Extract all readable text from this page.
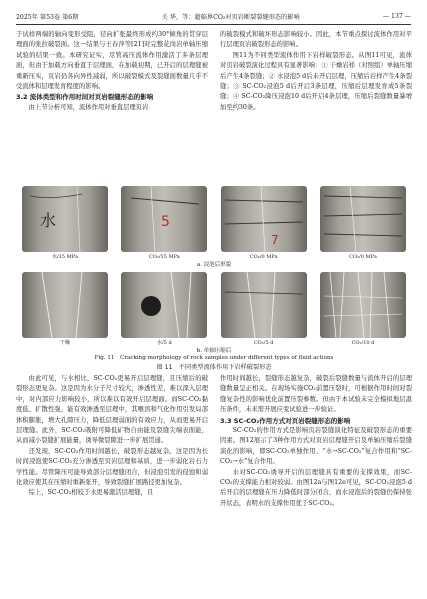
2025年 第53卷 第6期	关 华，等：超临界CO₂对页岩断裂裂缝形态的影响	— 137 —

于试样两端的轴向变形受阻，径向扩张最终形成约30°倾角的贯穿层理面的张拉破裂面。这一结果与王春萍等[21]对完整花岗岩单轴压缩试验的结果一致。本研究证实，尽管高压流体作用激活了多条层理面，但由于加载方向垂直于层理面，在加载初期，已开启的层理缝被重新压实，页岩仍各向异性减弱，所以破裂模式及裂缝面数量几乎不受流体和层理发育程度的影响。

3.2 流体类型和作用时间对页岩裂缝形态的影响

由上节分析可知，流体作用对垂直层理页岩

的破裂模式和破坏形态影响较小。因此，本节重点探讨流体作用对平行层理页岩破裂形态的影响。

图11为不同类型流体作用下岩样破裂形态。从图11可见，流体对页岩破裂演化过程具有显著影响：① 干燥岩样（对照组）单轴压缩后产生4条裂缝；② 水浸泡5 d后未开启层理，压缩后岩样产生4条裂缝；③ SC-CO₂浸泡5 d后开启3条层理，压缩后层理发育成5条裂缝；④ SC-CO₂降压浸泡10 d后开启4条层理，压缩后裂缝数量暴增加至约30条。

水
水/15 MPa
5
CO₂/15 MPa
7
CO₂/0 MPa	CO₂/0 MPa
a. 浸泡后形貌
干燥	水/5 d	CO₂/5 d	CO₂/10 d
b. 单轴压缩后
Fig. 11　Cracking morphology of rock samples under different types of fluid actions
图 11　不同类型流体作用下岩样破裂形态

由此可见，与水相比，SC-CO₂更易开启层理缝，且压缩后的破裂形态更复杂。这是因为水分子尺寸较大，渗透性差，难以深入层理中，对内部应力影响较小，所以难以有效开启层理面。而SC-CO₂黏度低、扩散性强，能有效渗透至层理中，其喉溶和气化作用引发局部体积膨胀，增大孔隙压力，降低层理弱面的有效应力，从而更易开启层理缝。此外，SC-CO₂吸附可降低矿物自由能及裂缝尖端表面能，从而减小裂缝扩展能量，诱导微裂隙进一步扩展贯通。

还发现，SC-CO₂作用时间越长，破裂形态越复杂。这是因为长时间浸泡使SC-CO₂充分渗透至页岩层理和基质，进一步弱化岩石力学性能。尽管降压可能导致部分层理缝闭合，但浸泡引发的侵蚀和弱化效应使其在压缩时重新张开，导致裂缝扩展路径更加复杂。

综上，SC-CO₂相较于水更易激活层理缝，且

作用时间越长，裂缝形态越复杂，破裂后裂缝数量与流体开启的层理缝数量呈正相关。在现场实施CO₂前置压裂时，可根据作用时间对裂缝复杂性的影响优化前置压裂参数。但由于本试验未完全模拟地层温压条件，未来需开展应变试验进一步验证。

3.3 SC-CO₂作用方式对页岩裂缝形态的影响

SC-CO₂的作用方式是影响页岩裂缝演化特征及破裂形态的重要因素。图12展示了3种作用方式对页岩层理缝开启及单轴压缩后裂缝演化的影响，即SC-CO₂单独作用、“水→SC-CO₂”复合作用和“SC-CO₂→水”复合作用。

水对SC-CO₂诱导开启的层理缝具有重要的支撑效果，而SC-CO₂的支撑能力相对较弱。由图12a与图12e可见，SC-CO₂浸泡5 d后开启的层理缝在压力降低时部分闭合，而水浸泡后的裂缝仍保持张开状态，表明水的支撑作用优于SC-CO₂。
